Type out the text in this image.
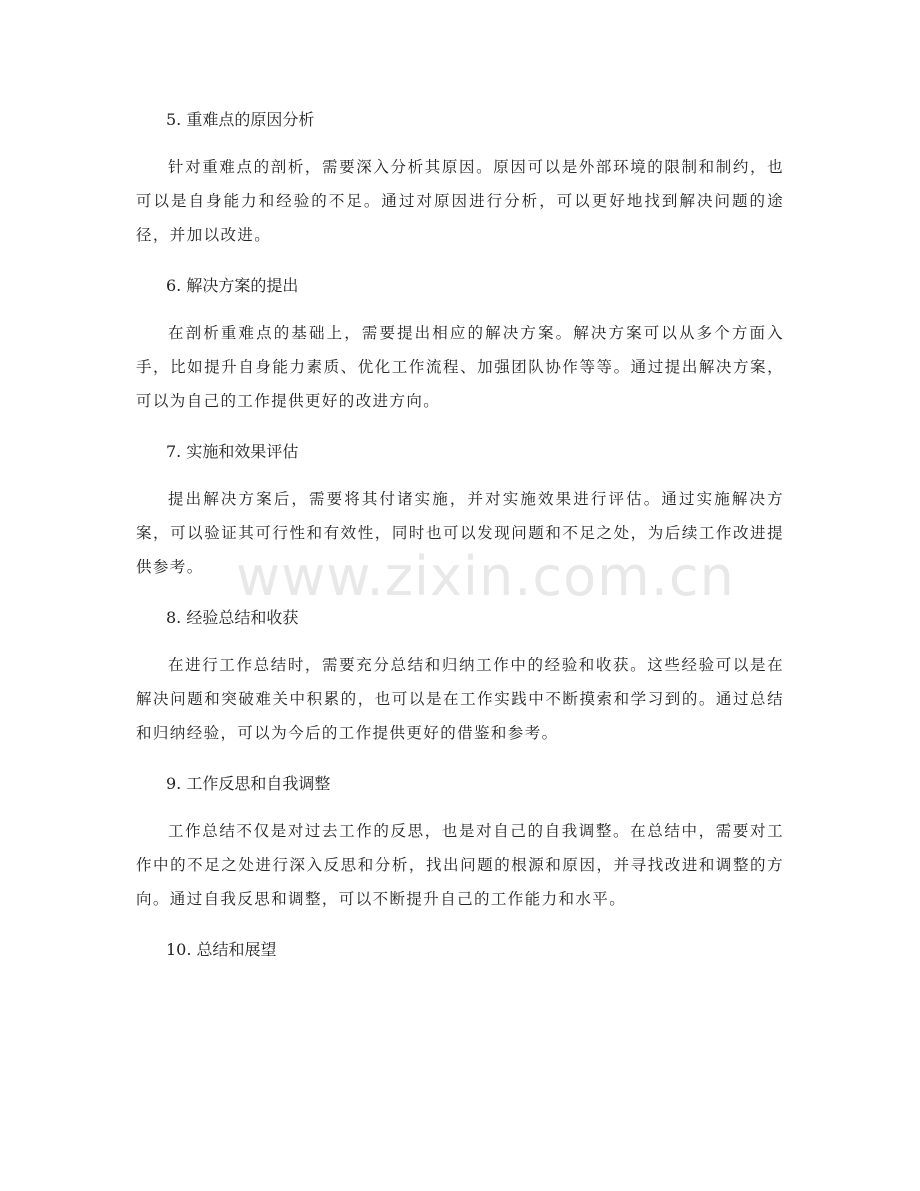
5. 重难点的原因分析

针对重难点的剖析，需要深入分析其原因。原因可以是外部环境的限制和制约，也可以是自身能力和经验的不足。通过对原因进行分析，可以更好地找到解决问题的途径，并加以改进。

6. 解决方案的提出

在剖析重难点的基础上，需要提出相应的解决方案。解决方案可以从多个方面入手，比如提升自身能力素质、优化工作流程、加强团队协作等等。通过提出解决方案，可以为自己的工作提供更好的改进方向。

7. 实施和效果评估

提出解决方案后，需要将其付诸实施，并对实施效果进行评估。通过实施解决方案，可以验证其可行性和有效性，同时也可以发现问题和不足之处，为后续工作改进提供参考。

8. 经验总结和收获

在进行工作总结时，需要充分总结和归纳工作中的经验和收获。这些经验可以是在解决问题和突破难关中积累的，也可以是在工作实践中不断摸索和学习到的。通过总结和归纳经验，可以为今后的工作提供更好的借鉴和参考。

9. 工作反思和自我调整

工作总结不仅是对过去工作的反思，也是对自己的自我调整。在总结中，需要对工作中的不足之处进行深入反思和分析，找出问题的根源和原因，并寻找改进和调整的方向。通过自我反思和调整，可以不断提升自己的工作能力和水平。

10. 总结和展望
www.zixin.com.cn
